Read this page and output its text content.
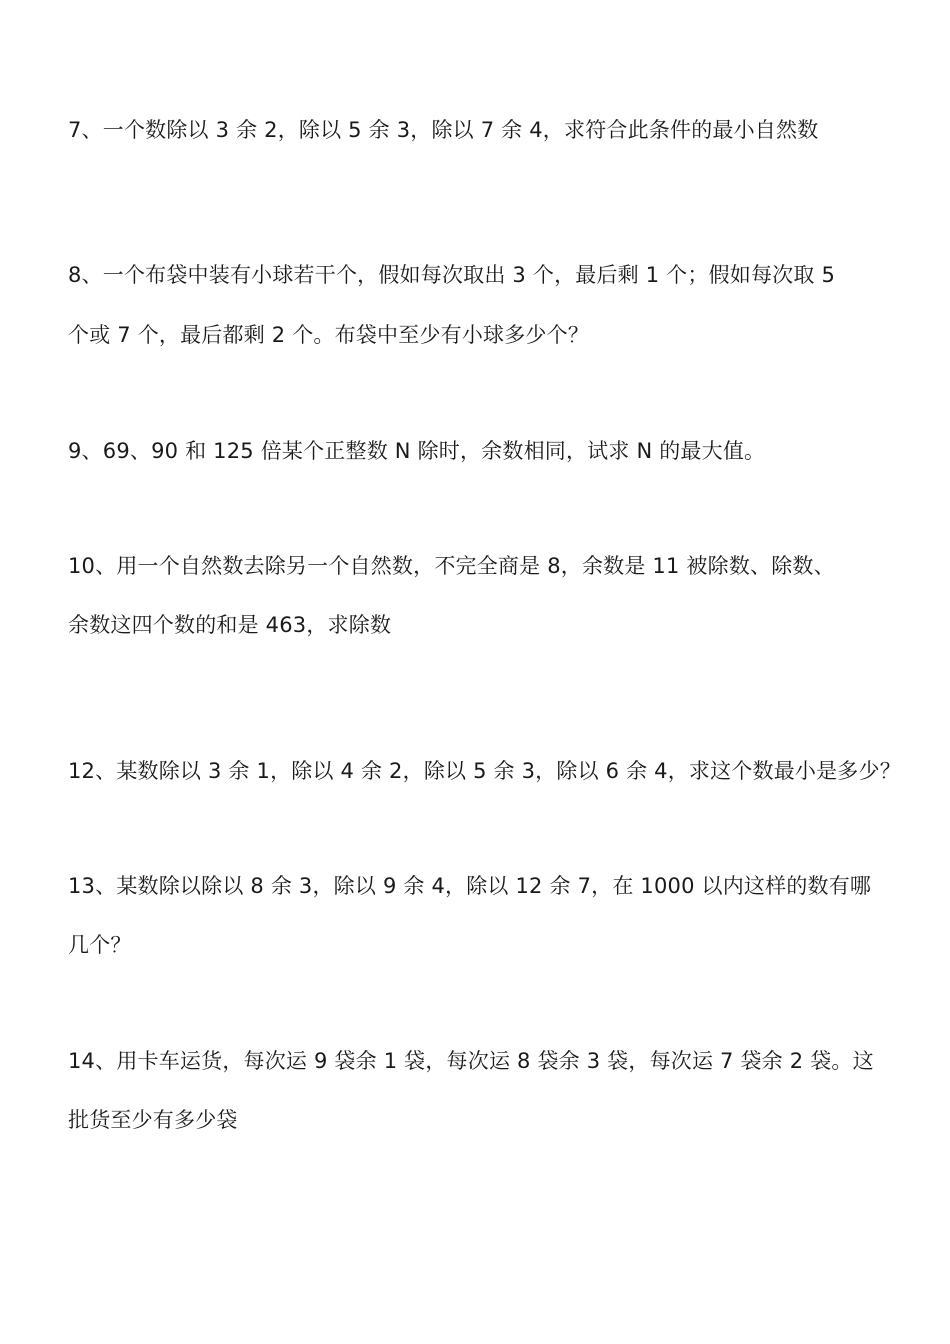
7、一个数除以 3 余 2，除以 5 余 3，除以 7 余 4，求符合此条件的最小自然数
8、一个布袋中装有小球若干个，假如每次取出 3 个，最后剩 1 个；假如每次取 5
个或 7 个，最后都剩 2 个。布袋中至少有小球多少个？
9、69、90 和 125 倍某个正整数 N 除时，余数相同，试求 N 的最大值。
10、用一个自然数去除另一个自然数，不完全商是 8，余数是 11 被除数、除数、
余数这四个数的和是 463，求除数
12、某数除以 3 余 1，除以 4 余 2，除以 5 余 3，除以 6 余 4，求这个数最小是多少？
13、某数除以除以 8 余 3，除以 9 余 4，除以 12 余 7，在 1000 以内这样的数有哪
几个？
14、用卡车运货，每次运 9 袋余 1 袋，每次运 8 袋余 3 袋，每次运 7 袋余 2 袋。这
批货至少有多少袋
